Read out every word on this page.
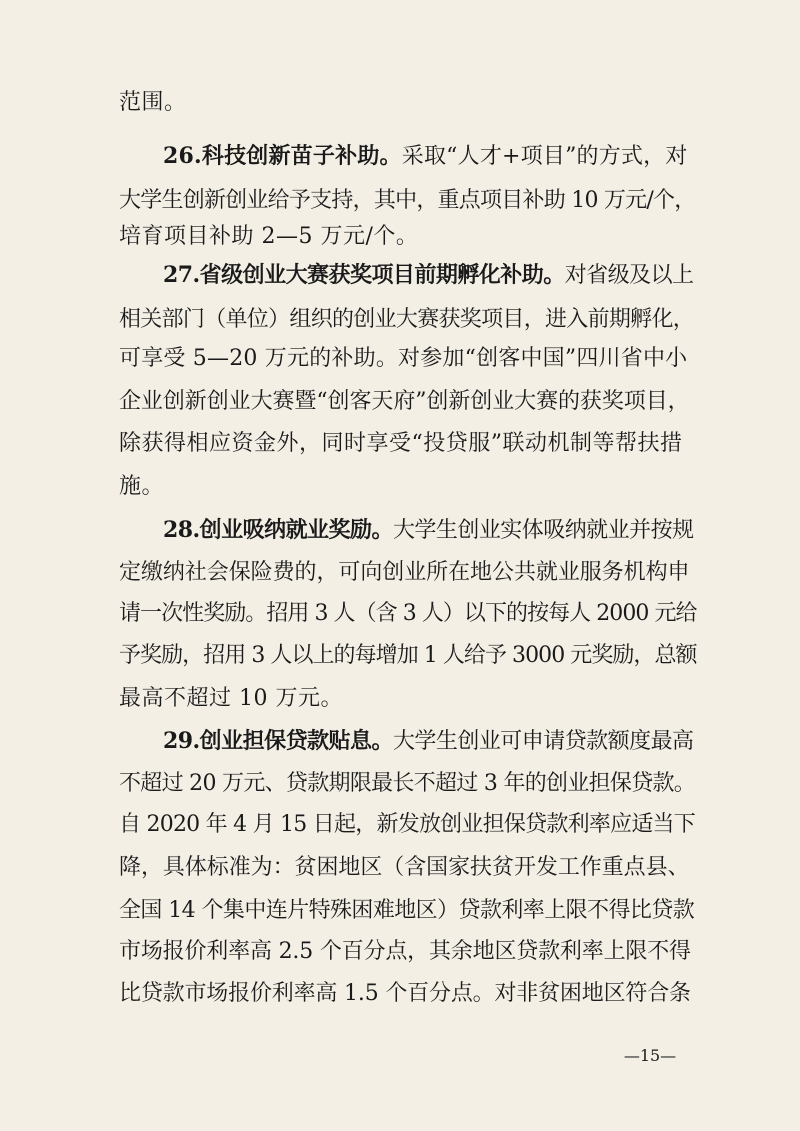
范围。
26.科技创新苗子补助。采取“人才+项目”的方式，对
大学生创新创业给予支持，其中，重点项目补助 10 万元/个，
培育项目补助 2—5 万元/个。
27.省级创业大赛获奖项目前期孵化补助。对省级及以上
相关部门（单位）组织的创业大赛获奖项目，进入前期孵化，
可享受 5—20 万元的补助。对参加“创客中国”四川省中小
企业创新创业大赛暨“创客天府”创新创业大赛的获奖项目，
除获得相应资金外，同时享受“投贷服”联动机制等帮扶措
施。
28.创业吸纳就业奖励。大学生创业实体吸纳就业并按规
定缴纳社会保险费的，可向创业所在地公共就业服务机构申
请一次性奖励。招用 3 人（含 3 人）以下的按每人 2000 元给
予奖励，招用 3 人以上的每增加 1 人给予 3000 元奖励，总额
最高不超过 10 万元。
29.创业担保贷款贴息。大学生创业可申请贷款额度最高
不超过 20 万元、贷款期限最长不超过 3 年的创业担保贷款。
自 2020 年 4 月 15 日起，新发放创业担保贷款利率应适当下
降，具体标准为：贫困地区（含国家扶贫开发工作重点县、
全国 14 个集中连片特殊困难地区）贷款利率上限不得比贷款
市场报价利率高 2.5 个百分点，其余地区贷款利率上限不得
比贷款市场报价利率高 1.5 个百分点。对非贫困地区符合条
—15—
